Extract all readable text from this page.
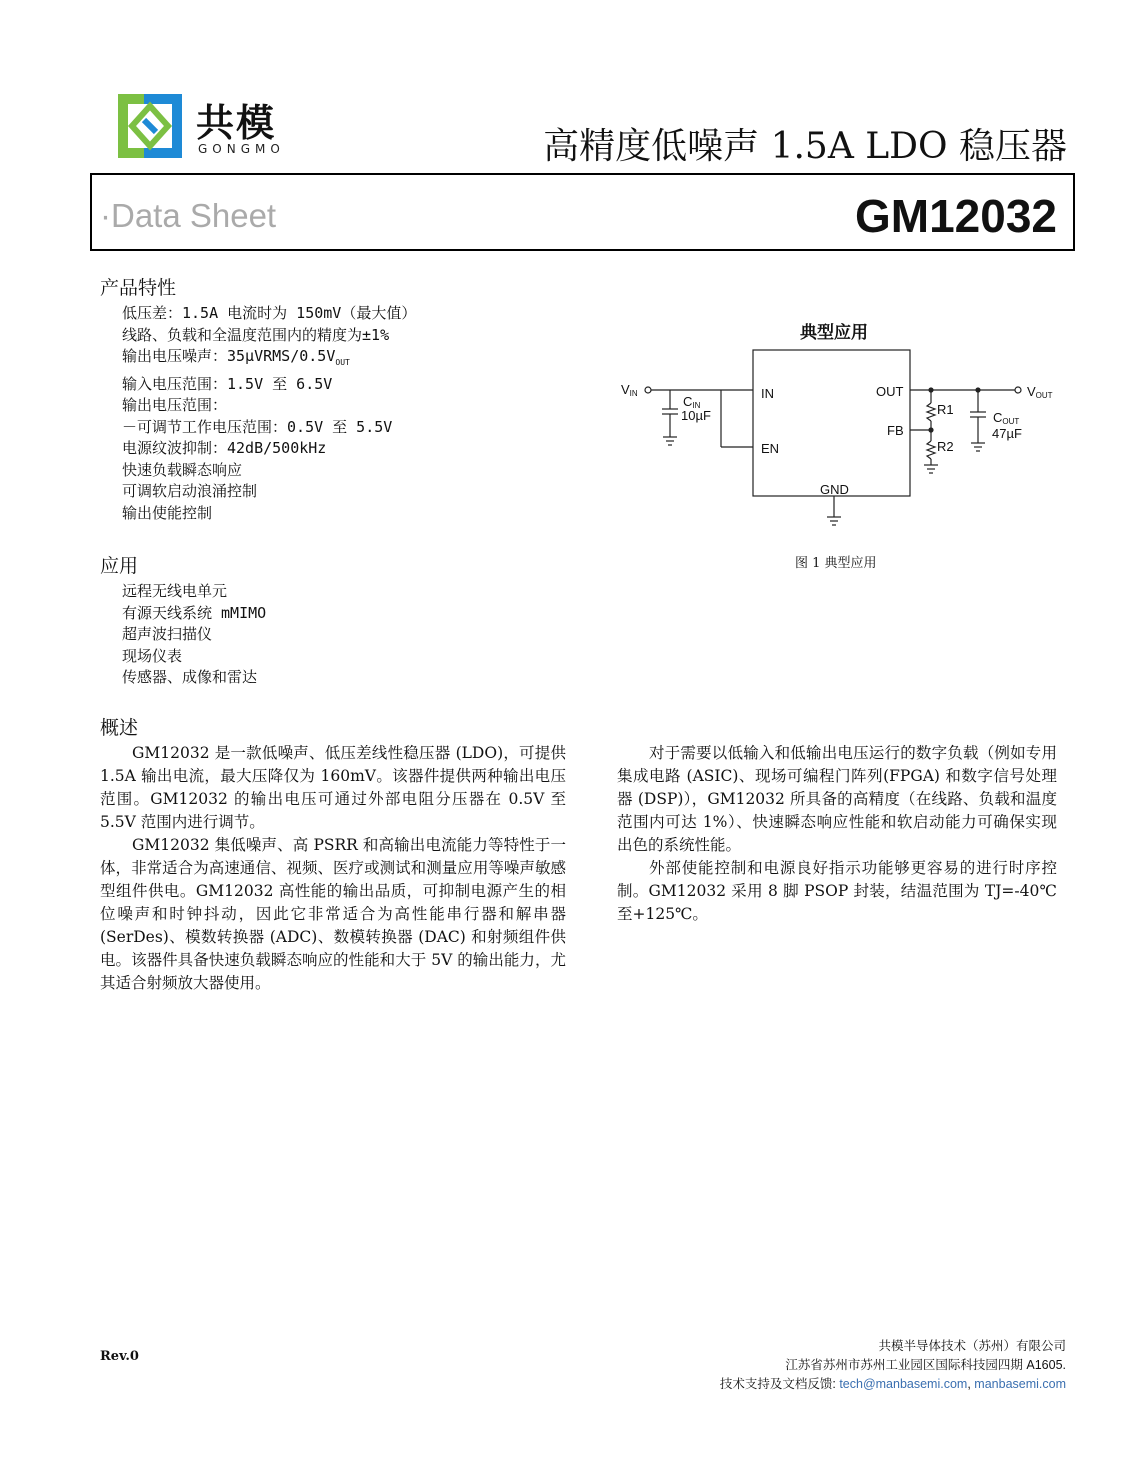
共模
GONGMO	高精度低噪声 1.5A LDO 稳压器
·Data Sheet	GM12032
产品特性
低压差：1.5A 电流时为 150mV（最大值）
线路、负载和全温度范围内的精度为±1%
输出电压噪声：$35\mu VRMS/0.5V_{OUT}$
输入电压范围：1.5V 至 6.5V
输出电压范围：
－可调节工作电压范围：0.5V 至 5.5V
电源纹波抑制：42dB/500kHz
快速负载瞬态响应
可调软启动浪涌控制
输出使能控制
应用
远程无线电单元
有源天线系统 mMIMO
超声波扫描仪
现场仪表
传感器、成像和雷达
典型应用
IN
EN
OUT
FB
GND
VIN	VOUT
CIN
10µF	COUT
47µF
R1
R2
图 1 典型应用
概述

GM12032 是一款低噪声、低压差线性稳压器 (LDO)，可提供 1.5A 输出电流，最大压降仅为 160mV。该器件提供两种输出电压范围。GM12032 的输出电压可通过外部电阻分压器在 0.5V 至 5.5V 范围内进行调节。

GM12032 集低噪声、高 PSRR 和高输出电流能力等特性于一体，非常适合为高速通信、视频、医疗或测试和测量应用等噪声敏感型组件供电。GM12032 高性能的输出品质，可抑制电源产生的相位噪声和时钟抖动，因此它非常适合为高性能串行器和解串器 (SerDes)、模数转换器 (ADC)、数模转换器 (DAC) 和射频组件供电。该器件具备快速负载瞬态响应的性能和大于 5V 的输出能力，尤其适合射频放大器使用。

对于需要以低输入和低输出电压运行的数字负载（例如专用集成电路 (ASIC)、现场可编程门阵列(FPGA) 和数字信号处理器 (DSP)），GM12032 所具备的高精度（在线路、负载和温度范围内可达 1%）、快速瞬态响应性能和软启动能力可确保实现出色的系统性能。

外部使能控制和电源良好指示功能够更容易的进行时序控制。GM12032 采用 8 脚 PSOP 封装，结温范围为 TJ=-40℃ 至+125℃。

Rev.0
共模半导体技术（苏州）有限公司
江苏省苏州市苏州工业园区国际科技园四期 A1605.
技术支持及文档反馈: tech@manbasemi.com, manbasemi.com
